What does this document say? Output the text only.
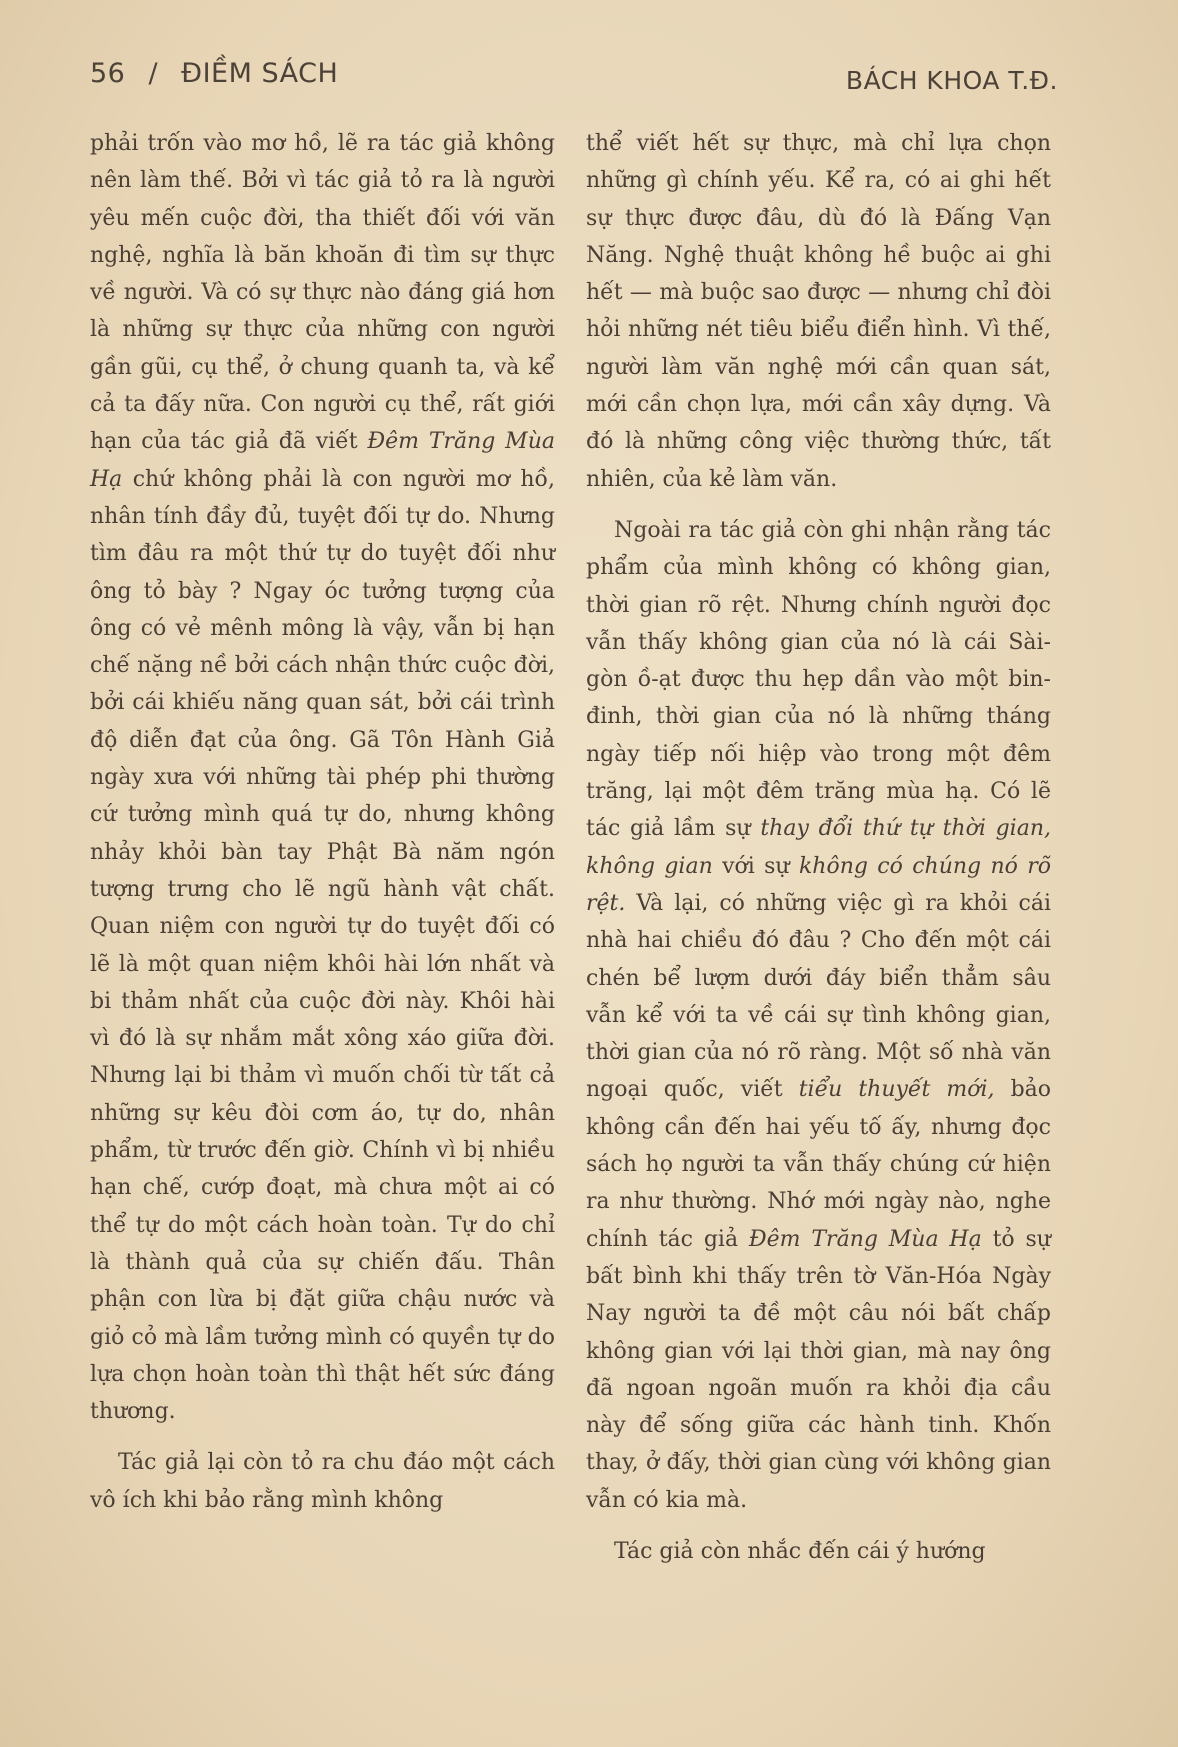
56 / ĐIỀM SÁCH	BÁCH KHOA T.Đ.

phải trốn vào mơ hồ, lẽ ra tác giả không nên làm thế. Bởi vì tác giả tỏ ra là người yêu mến cuộc đời, tha thiết đối với văn nghệ, nghĩa là băn khoăn đi tìm sự thực về người. Và có sự thực nào đáng giá hơn là những sự thực của những con người gần gũi, cụ thể, ở chung quanh ta, và kể cả ta đấy nữa. Con người cụ thể, rất giới hạn của tác giả đã viết Đêm Trăng Mùa Hạ chứ không phải là con người mơ hồ, nhân tính đầy đủ, tuyệt đối tự do. Nhưng tìm đâu ra một thứ tự do tuyệt đối như ông tỏ bày ? Ngay óc tưởng tượng của ông có vẻ mênh mông là vậy, vẫn bị hạn chế nặng nề bởi cách nhận thức cuộc đời, bởi cái khiếu năng quan sát, bởi cái trình độ diễn đạt của ông. Gã Tôn Hành Giả ngày xưa với những tài phép phi thường cứ tưởng mình quá tự do, nhưng không nhảy khỏi bàn tay Phật Bà năm ngón tượng trưng cho lẽ ngũ hành vật chất. Quan niệm con người tự do tuyệt đối có lẽ là một quan niệm khôi hài lớn nhất và bi thảm nhất của cuộc đời này. Khôi hài vì đó là sự nhắm mắt xông xáo giữa đời. Nhưng lại bi thảm vì muốn chối từ tất cả những sự kêu đòi cơm áo, tự do, nhân phẩm, từ trước đến giờ. Chính vì bị nhiều hạn chế, cướp đoạt, mà chưa một ai có thể tự do một cách hoàn toàn. Tự do chỉ là thành quả của sự chiến đấu. Thân phận con lừa bị đặt giữa chậu nước và giỏ cỏ mà lầm tưởng mình có quyền tự do lựa chọn hoàn toàn thì thật hết sức đáng thương.

Tác giả lại còn tỏ ra chu đáo một cách vô ích khi bảo rằng mình không

thể viết hết sự thực, mà chỉ lựa chọn những gì chính yếu. Kể ra, có ai ghi hết sự thực được đâu, dù đó là Đấng Vạn Năng. Nghệ thuật không hề buộc ai ghi hết — mà buộc sao được — nhưng chỉ đòi hỏi những nét tiêu biểu điển hình. Vì thế, người làm văn nghệ mới cần quan sát, mới cần chọn lựa, mới cần xây dựng. Và đó là những công việc thường thức, tất nhiên, của kẻ làm văn.

Ngoài ra tác giả còn ghi nhận rằng tác phẩm của mình không có không gian, thời gian rõ rệt. Nhưng chính người đọc vẫn thấy không gian của nó là cái Sài-gòn ồ-ạt được thu hẹp dần vào một bin-đinh, thời gian của nó là những tháng ngày tiếp nối hiệp vào trong một đêm trăng, lại một đêm trăng mùa hạ. Có lẽ tác giả lầm sự thay đổi thứ tự thời gian, không gian với sự không có chúng nó rõ rệt. Và lại, có những việc gì ra khỏi cái nhà hai chiều đó đâu ? Cho đến một cái chén bể lượm dưới đáy biển thẳm sâu vẫn kể với ta về cái sự tình không gian, thời gian của nó rõ ràng. Một số nhà văn ngoại quốc, viết tiểu thuyết mới, bảo không cần đến hai yếu tố ấy, nhưng đọc sách họ người ta vẫn thấy chúng cứ hiện ra như thường. Nhớ mới ngày nào, nghe chính tác giả Đêm Trăng Mùa Hạ tỏ sự bất bình khi thấy trên tờ Văn-Hóa Ngày Nay người ta đề một câu nói bất chấp không gian với lại thời gian, mà nay ông đã ngoan ngoãn muốn ra khỏi địa cầu này để sống giữa các hành tinh. Khốn thay, ở đấy, thời gian cùng với không gian vẫn có kia mà.

Tác giả còn nhắc đến cái ý hướng
